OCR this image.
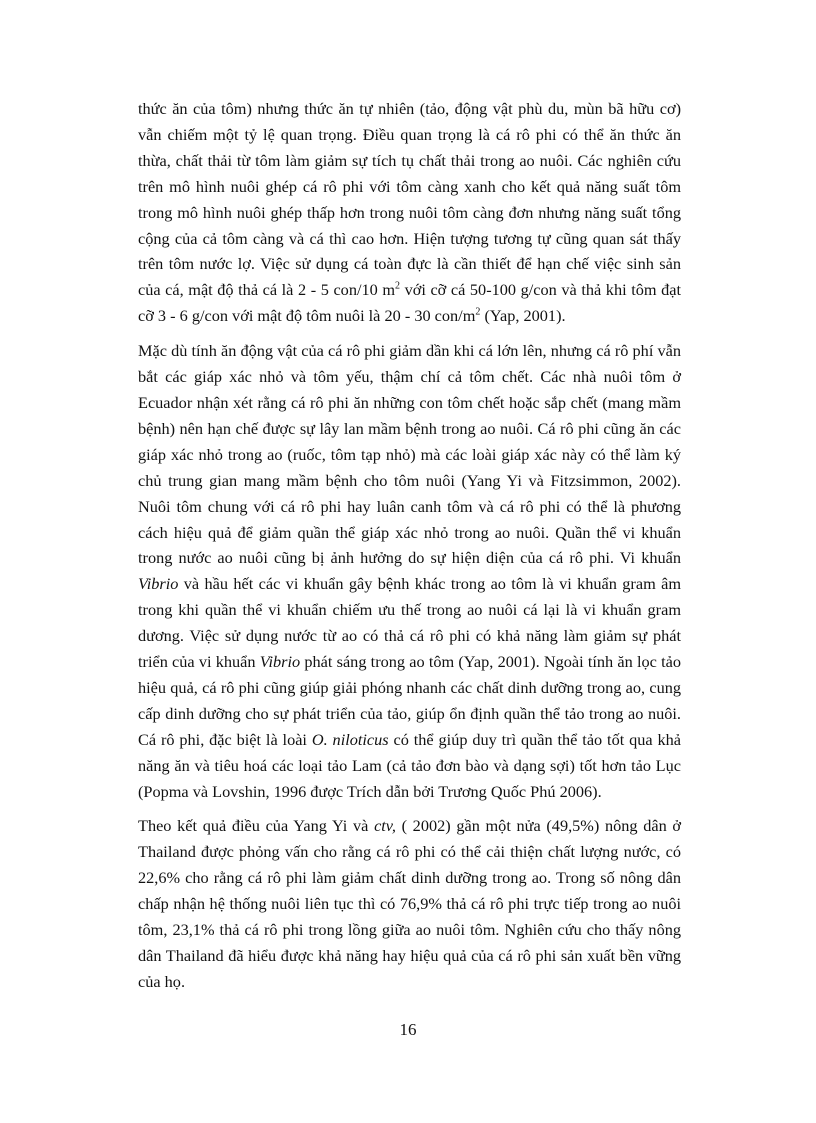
thức ăn của tôm) nhưng thức ăn tự nhiên (tảo, động vật phù du, mùn bã hữu cơ) vẫn chiếm một tỷ lệ quan trọng. Điều quan trọng là cá rô phi có thể ăn thức ăn thừa, chất thải từ tôm làm giảm sự tích tụ chất thải trong ao nuôi. Các nghiên cứu trên mô hình nuôi ghép cá rô phi với tôm càng xanh cho kết quả năng suất tôm trong mô hình nuôi ghép thấp hơn trong nuôi tôm càng đơn nhưng năng suất tổng cộng của cả tôm càng và cá thì cao hơn. Hiện tượng tương tự cũng quan sát thấy trên tôm nước lợ. Việc sử dụng cá toàn đực là cần thiết để hạn chế việc sinh sản của cá, mật độ thả cá là 2 - 5 con/10 $m^2$ với cỡ cá 50-100 g/con và thả khi tôm đạt cỡ 3 - 6 g/con với mật độ tôm nuôi là 20 - 30 con/$m^2$ (Yap, 2001).

Mặc dù tính ăn động vật của cá rô phi giảm dần khi cá lớn lên, nhưng cá rô phí vẫn bắt các giáp xác nhỏ và tôm yếu, thậm chí cả tôm chết. Các nhà nuôi tôm ở Ecuador nhận xét rằng cá rô phi ăn những con tôm chết hoặc sắp chết (mang mầm bệnh) nên hạn chế được sự lây lan mầm bệnh trong ao nuôi. Cá rô phi cũng ăn các giáp xác nhỏ trong ao (ruốc, tôm tạp nhỏ) mà các loài giáp xác này có thể làm ký chủ trung gian mang mầm bệnh cho tôm nuôi (Yang Yi và Fitzsimmon, 2002). Nuôi tôm chung với cá rô phi hay luân canh tôm và cá rô phi có thể là phương cách hiệu quả để giảm quần thể giáp xác nhỏ trong ao nuôi. Quần thể vi khuẩn trong nước ao nuôi cũng bị ảnh hưởng do sự hiện diện của cá rô phi. Vi khuẩn Vibrio và hầu hết các vi khuẩn gây bệnh khác trong ao tôm là vi khuẩn gram âm trong khi quần thể vi khuẩn chiếm ưu thế trong ao nuôi cá lại là vi khuẩn gram dương. Việc sử dụng nước từ ao có thả cá rô phi có khả năng làm giảm sự phát triển của vi khuẩn Vibrio phát sáng trong ao tôm (Yap, 2001). Ngoài tính ăn lọc tảo hiệu quả, cá rô phi cũng giúp giải phóng nhanh các chất dinh dưỡng trong ao, cung cấp dinh dưỡng cho sự phát triển của tảo, giúp ổn định quần thể tảo trong ao nuôi. Cá rô phi, đặc biệt là loài O. niloticus có thể giúp duy trì quần thể tảo tốt qua khả năng ăn và tiêu hoá các loại tảo Lam (cả tảo đơn bào và dạng sợi) tốt hơn tảo Lục (Popma và Lovshin, 1996 được Trích dẫn bởi Trương Quốc Phú 2006).

Theo kết quả điều của Yang Yi và ctv, ( 2002) gần một nửa (49,5%) nông dân ở Thailand được phỏng vấn cho rằng cá rô phi có thể cải thiện chất lượng nước, có 22,6% cho rằng cá rô phi làm giảm chất dinh dưỡng trong ao. Trong số nông dân chấp nhận hệ thống nuôi liên tục thì có 76,9% thả cá rô phi trực tiếp trong ao nuôi tôm, 23,1% thả cá rô phi trong lồng giữa ao nuôi tôm. Nghiên cứu cho thấy nông dân Thailand đã hiểu được khả năng hay hiệu quả của cá rô phi sản xuất bền vững của họ.

16
